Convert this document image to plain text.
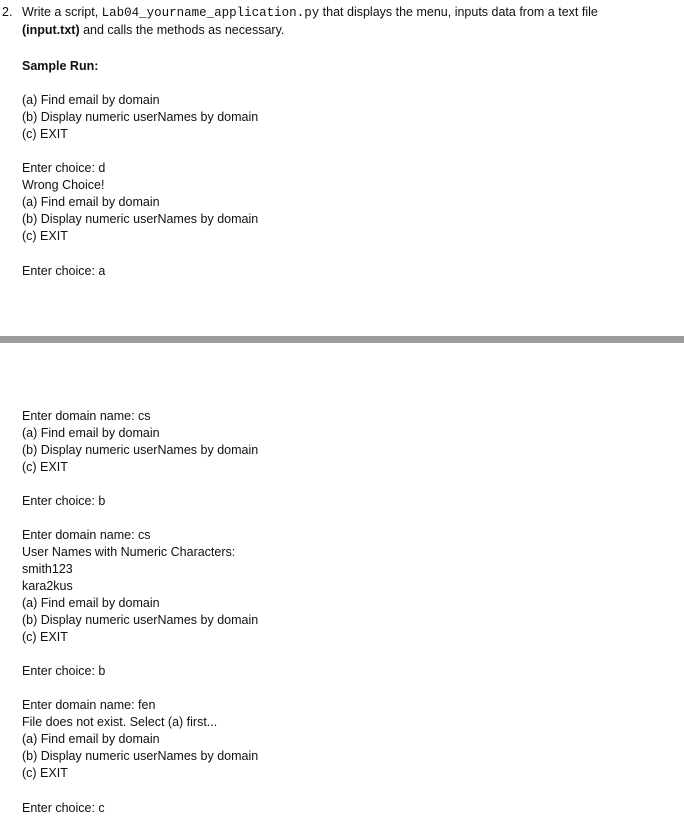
2. Write a script, Lab04_yourname_application.py that displays the menu, inputs data from a text file
(input.txt) and calls the methods as necessary.
Sample Run:
(a) Find email by domain
(b) Display numeric userNames by domain
(c) EXIT
Enter choice: d
Wrong Choice!
(a) Find email by domain
(b) Display numeric userNames by domain
(c) EXIT
Enter choice: a
Enter domain name: cs
(a) Find email by domain
(b) Display numeric userNames by domain
(c) EXIT
Enter choice: b
Enter domain name: cs
User Names with Numeric Characters:
smith123
kara2kus
(a) Find email by domain
(b) Display numeric userNames by domain
(c) EXIT
Enter choice: b
Enter domain name: fen
File does not exist. Select (a) first...
(a) Find email by domain
(b) Display numeric userNames by domain
(c) EXIT
Enter choice: c
